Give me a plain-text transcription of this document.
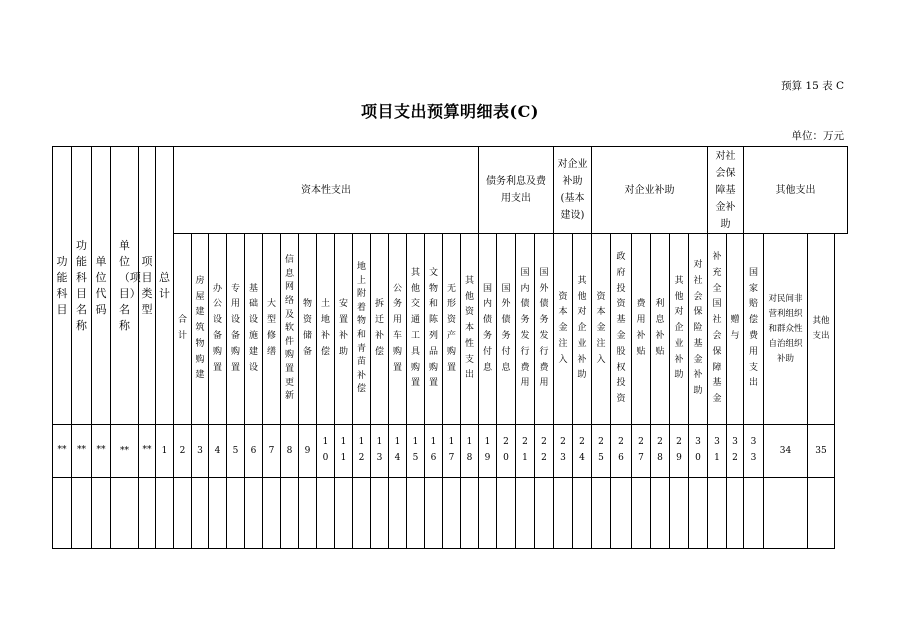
预算 15 表 C
项目支出预算明细表(C)
单位：万元
功能科目	功能科目名称	单位代码	单位（项目）名称	项目类型	总计	资本性支出																	债务利息及费用支出				对企业补助(基本建设)		对企业补助						对社会保障基金补助		其他支出		
						合计	房屋建筑物购建	办公设备购置	专用设备购置	基础设施建设	大型修缮	信息网络及软件购置更新	物资储备	土地补偿	安置补助	地上附着物和青苗补偿	拆迁补偿	公务用车购置	其他交通工具购置	文物和陈列品购置	无形资产购置	其他资本性支出	国内债务付息	国外债务付息	国内债务发行费用	国外债务发行费用	资本金注入	其他对企业补助	资本金注入	政府投资基金股权投资	费用补贴	利息补贴	其他对企业补助	对社会保险基金补助	补充全国社会保障基金	赠与	国家赔偿费用支出	对民间非营利组织和群众性自治组织补助	其他支出
**	**	**	**	**	1	2	3	4	5	6	7	8	9	10	11	12	13	14	15	16	17	18	19	20	21	22	23	24	25	26	27	28	29	30	31	32	33	34	35
